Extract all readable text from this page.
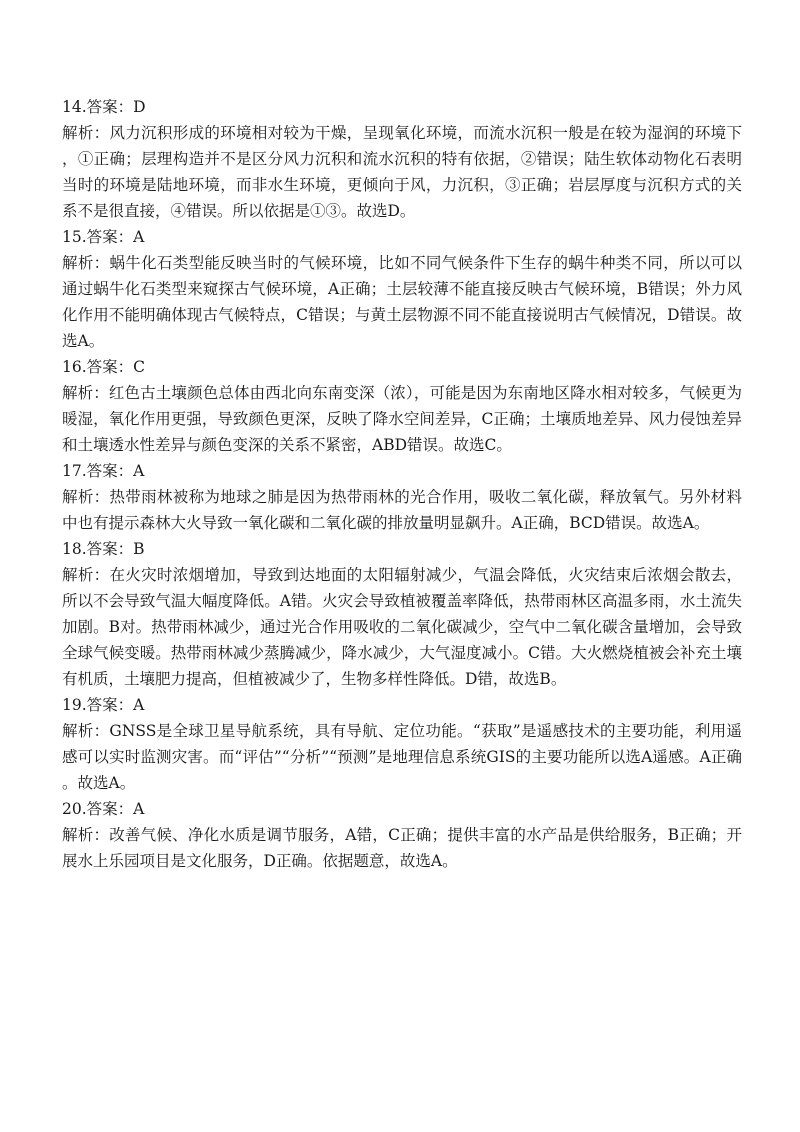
14.答案：D

解析：风力沉积形成的环境相对较为干燥，呈现氧化环境，而流水沉积一般是在较为湿润的环境下，①正确；层理构造并不是区分风力沉积和流水沉积的特有依据，②错误；陆生软体动物化石表明当时的环境是陆地环境，而非水生环境，更倾向于风，力沉积，③正确；岩层厚度与沉积方式的关系不是很直接，④错误。所以依据是①③。故选D。

15.答案：A

解析：蜗牛化石类型能反映当时的气候环境，比如不同气候条件下生存的蜗牛种类不同，所以可以通过蜗牛化石类型来窥探古气候环境，A正确；土层较薄不能直接反映古气候环境，B错误；外力风化作用不能明确体现古气候特点，C错误；与黄土层物源不同不能直接说明古气候情况，D错误。故选A。

16.答案：C

解析：红色古土壤颜色总体由西北向东南变深（浓），可能是因为东南地区降水相对较多，气候更为暖湿，氧化作用更强，导致颜色更深，反映了降水空间差异，C正确；土壤质地差异、风力侵蚀差异和土壤透水性差异与颜色变深的关系不紧密，ABD错误。故选C。

17.答案：A

解析：热带雨林被称为地球之肺是因为热带雨林的光合作用，吸收二氧化碳，释放氧气。另外材料中也有提示森林大火导致一氧化碳和二氧化碳的排放量明显飙升。A正确，BCD错误。故选A。

18.答案：B

解析：在火灾时浓烟增加，导致到达地面的太阳辐射减少，气温会降低，火灾结束后浓烟会散去，所以不会导致气温大幅度降低。A错。火灾会导致植被覆盖率降低，热带雨林区高温多雨，水土流失加剧。B对。热带雨林减少，通过光合作用吸收的二氧化碳减少，空气中二氧化碳含量增加，会导致全球气候变暖。热带雨林减少蒸腾减少，降水减少，大气湿度减小。C错。大火燃烧植被会补充土壤有机质，土壤肥力提高，但植被减少了，生物多样性降低。D错，故选B。

19.答案：A

解析：GNSS是全球卫星导航系统，具有导航、定位功能。“获取”是遥感技术的主要功能，利用遥感可以实时监测灾害。而“评估”“分析”“预测”是地理信息系统GIS的主要功能所以选A遥感。A正确。故选A。

20.答案：A

解析：改善气候、净化水质是调节服务，A错，C正确；提供丰富的水产品是供给服务，B正确；开展水上乐园项目是文化服务，D正确。依据题意，故选A。
